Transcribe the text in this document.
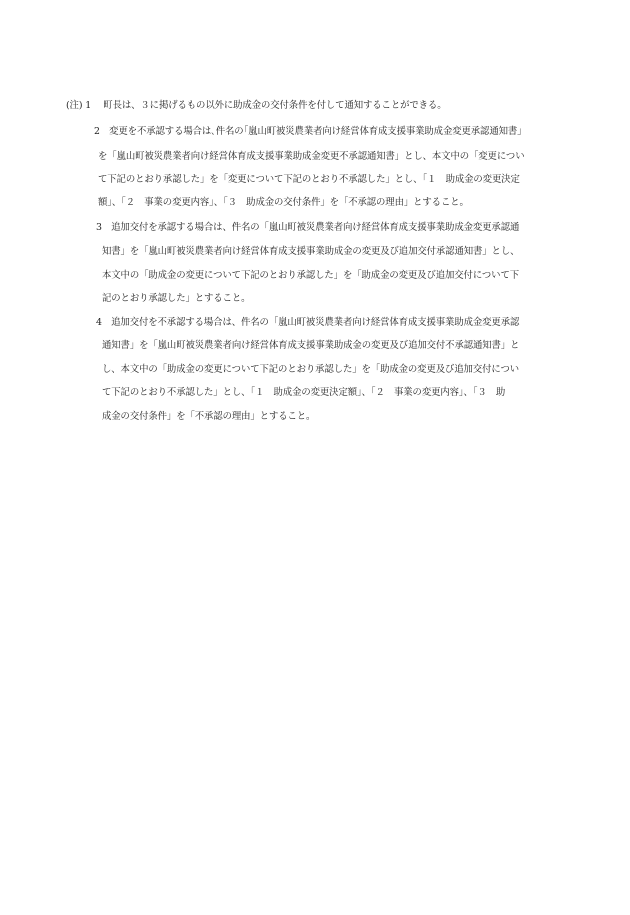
(注) 1　 町長は、３に掲げるもの以外に助成金の交付条件を付して通知することができる。
2　変更を不承認する場合は､件名の｢嵐山町被災農業者向け経営体育成支援事業助成金変更承認通知書｣
を「嵐山町被災農業者向け経営体育成支援事業助成金変更不承認通知書」とし、本文中の「変更につい
て下記のとおり承認した」を「変更について下記のとおり不承認した」とし、「１　助成金の変更決定
額」、「２　事業の変更内容」、「３　助成金の交付条件」を「不承認の理由」とすること。
3　追加交付を承認する場合は、件名の「嵐山町被災農業者向け経営体育成支援事業助成金変更承認通
知書」を「嵐山町被災農業者向け経営体育成支援事業助成金の変更及び追加交付承認通知書」とし、
本文中の「助成金の変更について下記のとおり承認した」を「助成金の変更及び追加交付について下
記のとおり承認した」とすること。
4　追加交付を不承認する場合は、件名の「嵐山町被災農業者向け経営体育成支援事業助成金変更承認
通知書」を「嵐山町被災農業者向け経営体育成支援事業助成金の変更及び追加交付不承認通知書」と
し、本文中の「助成金の変更について下記のとおり承認した」を「助成金の変更及び追加交付につい
て下記のとおり不承認した」とし、「１　助成金の変更決定額」、「２　事業の変更内容」、「３　助
成金の交付条件」を「不承認の理由」とすること。
